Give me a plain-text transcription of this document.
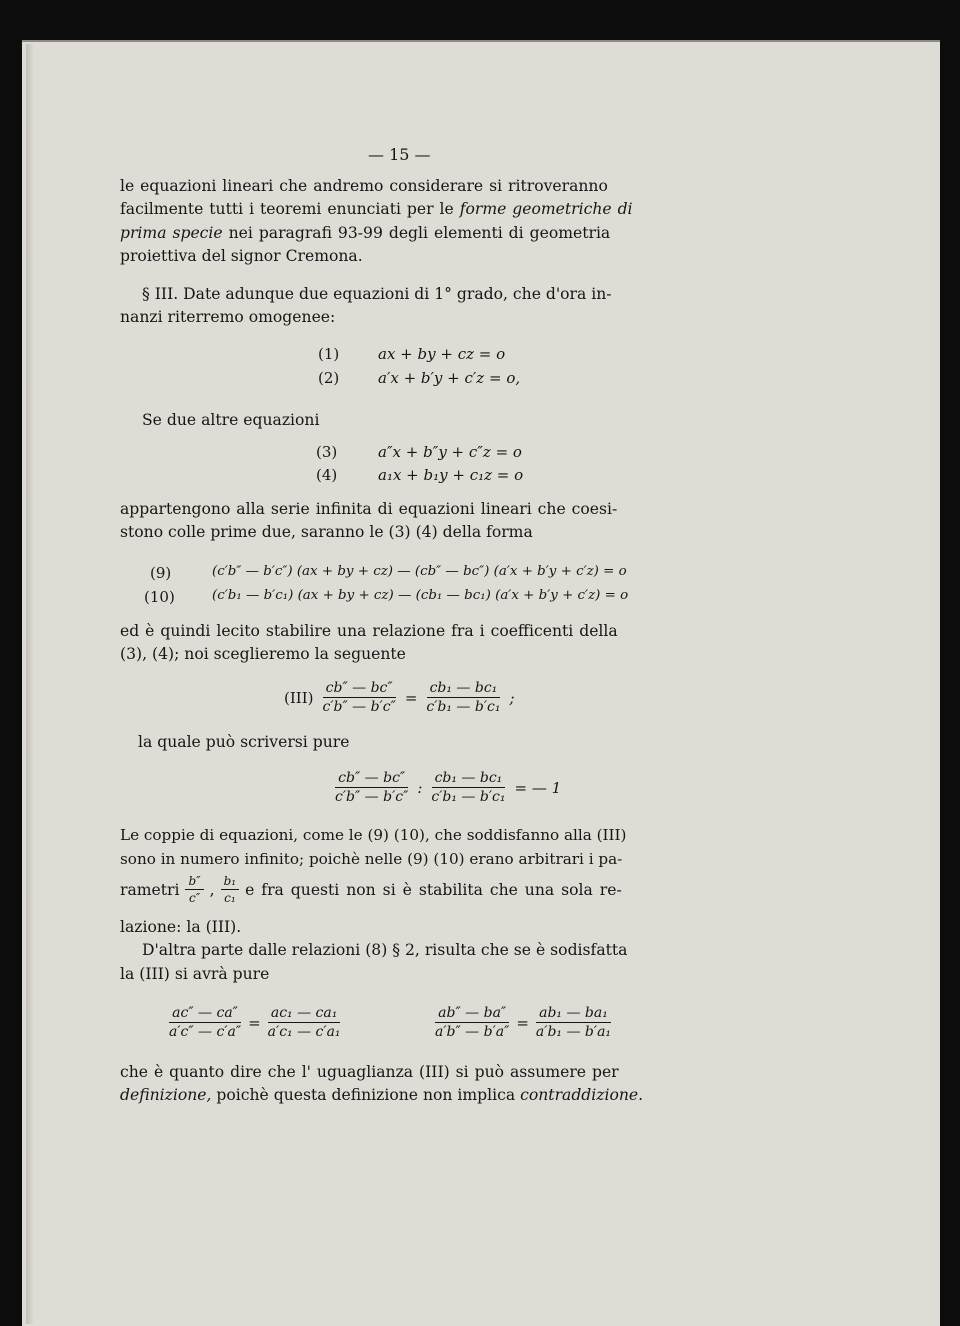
— 15 —
le equazioni lineari che andremo considerare si ritroveranno
facilmente tutti i teoremi enunciati per le forme geometriche di
prima specie nei paragrafi 93-99 degli elementi di geometria
proiettiva del signor Cremona.
§ III. Date adunque due equazioni di 1° grado, che d'ora in-
nanzi riterremo omogenee:
(1)	ax + by + cz = o
(2)	a′x + b′y + c′z = o,
Se due altre equazioni
(3)	a″x + b″y + c″z = o
(4)	a₁x + b₁y + c₁z = o
appartengono alla serie infinita di equazioni lineari che coesi-
stono colle prime due, saranno le (3) (4) della forma
(9)	(c′b″ — b′c″) (ax + by + cz) — (cb″ — bc″) (a′x + b′y + c′z) = o
(10)	(c′b₁ — b′c₁) (ax + by + cz) — (cb₁ — bc₁) (a′x + b′y + c′z) = o
ed è quindi lecito stabilire una relazione fra i coefficenti della
(3), (4); noi sceglieremo la seguente
$(III) \frac{cb'' — bc''}{c'b'' — b'c''} = \frac{\text{cb₁ — bc₁}}{\text{c′b₁ — b′c₁}}$ ;
la quale può scriversi pure
$\frac{cb'' — bc''}{c'b'' — b'c''}$ : $\frac{\text{cb₁ — bc₁}}{\text{c′b₁ — b′c₁}}$ = — 1
Le coppie di equazioni, come le (9) (10), che soddisfanno alla (III)
sono in numero infinito; poichè nelle (9) (10) erano arbitrari i pa-
rametri $\frac{b''}{c''}$ , $\frac{\text{b₁}}{\text{c₁}}$ e fra questi non si è stabilita che una sola re-
lazione: la (III).
D'altra parte dalle relazioni (8) § 2, risulta che se è sodisfatta
la (III) si avrà pure
$\frac{ac'' — ca''}{a'c'' — c'a''} = \frac{\text{ac₁ — ca₁}}{\text{a′c₁ — c′a₁}}$	$\frac{ab'' — ba''}{a'b'' — b'a''} = \frac{\text{ab₁ — ba₁}}{\text{a′b₁ — b′a₁}}$
che è quanto dire che l' uguaglianza (III) si può assumere per
definizione, poichè questa definizione non implica contraddizione.
